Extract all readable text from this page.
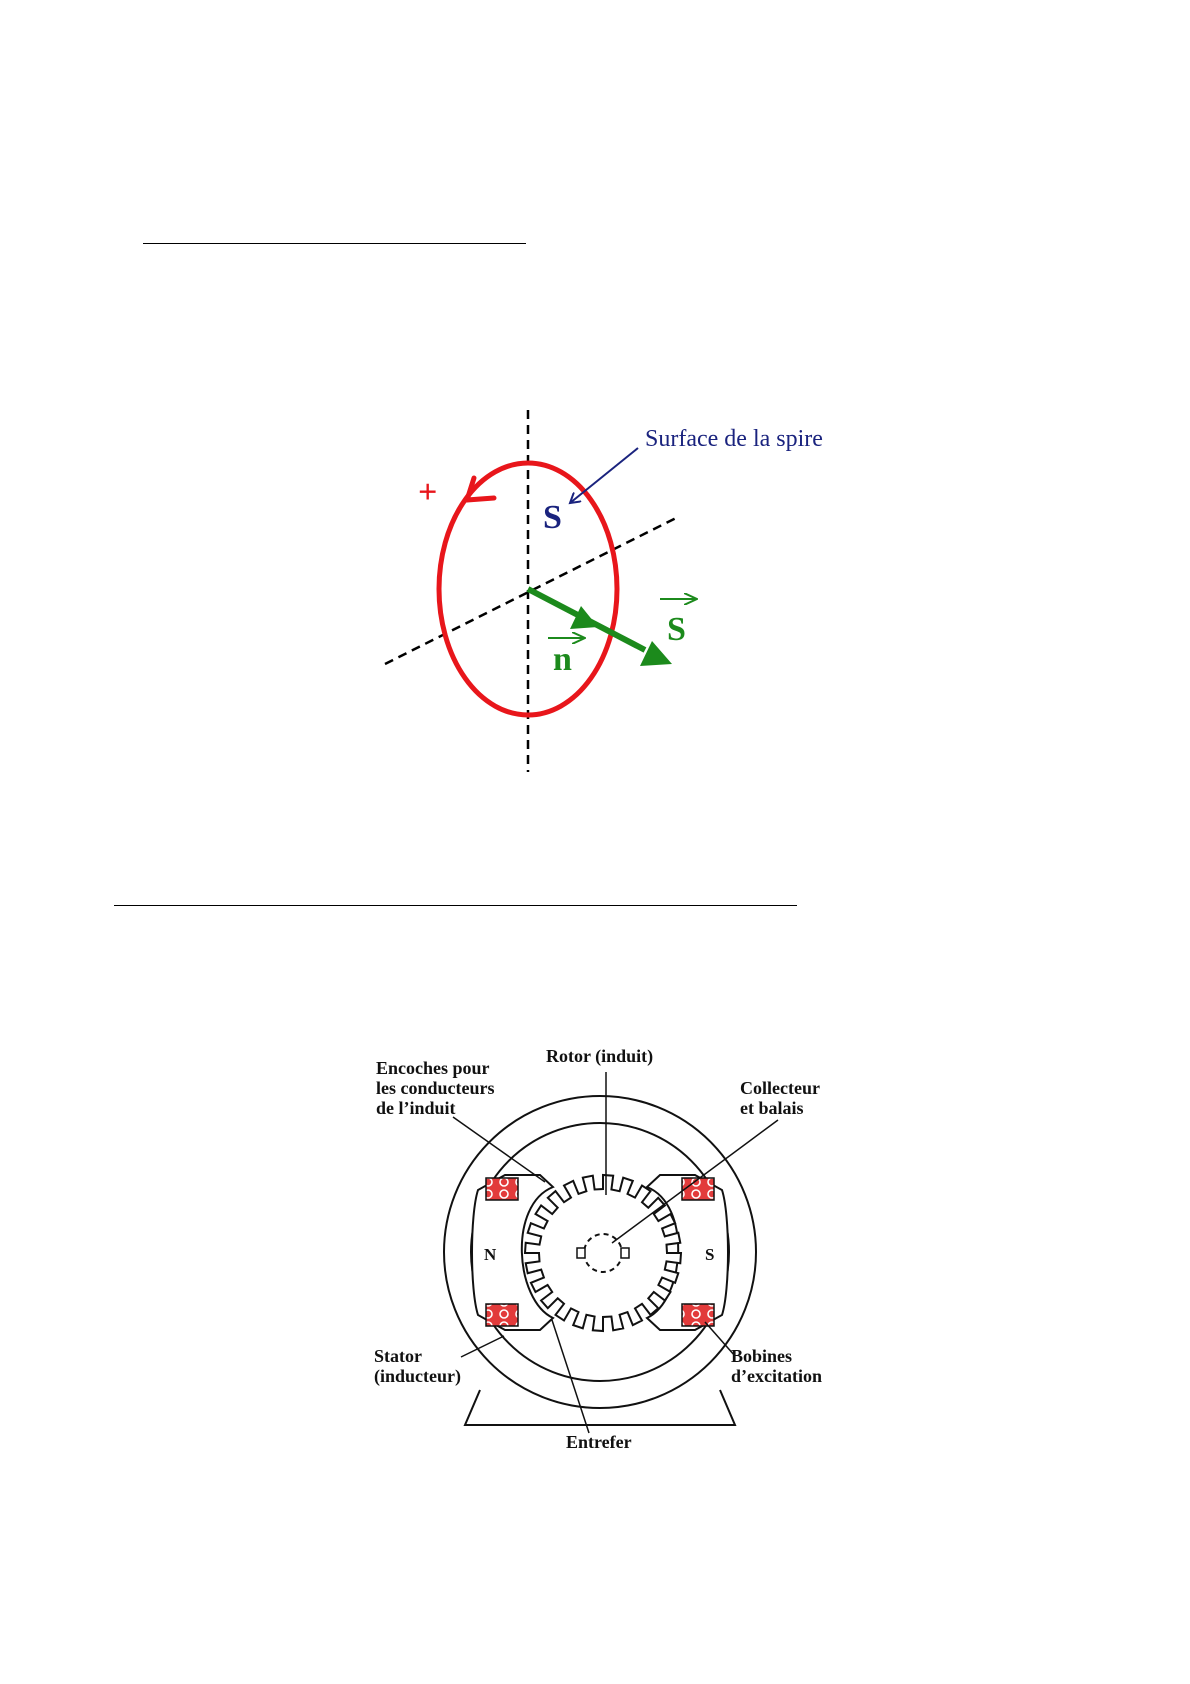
+
Surface de la spire
S
S
n
N	S
Rotor (induit)
Encoches pour les conducteurs de l’induit
Collecteur et balais
Stator (inducteur)
Bobines d’excitation
Entrefer
